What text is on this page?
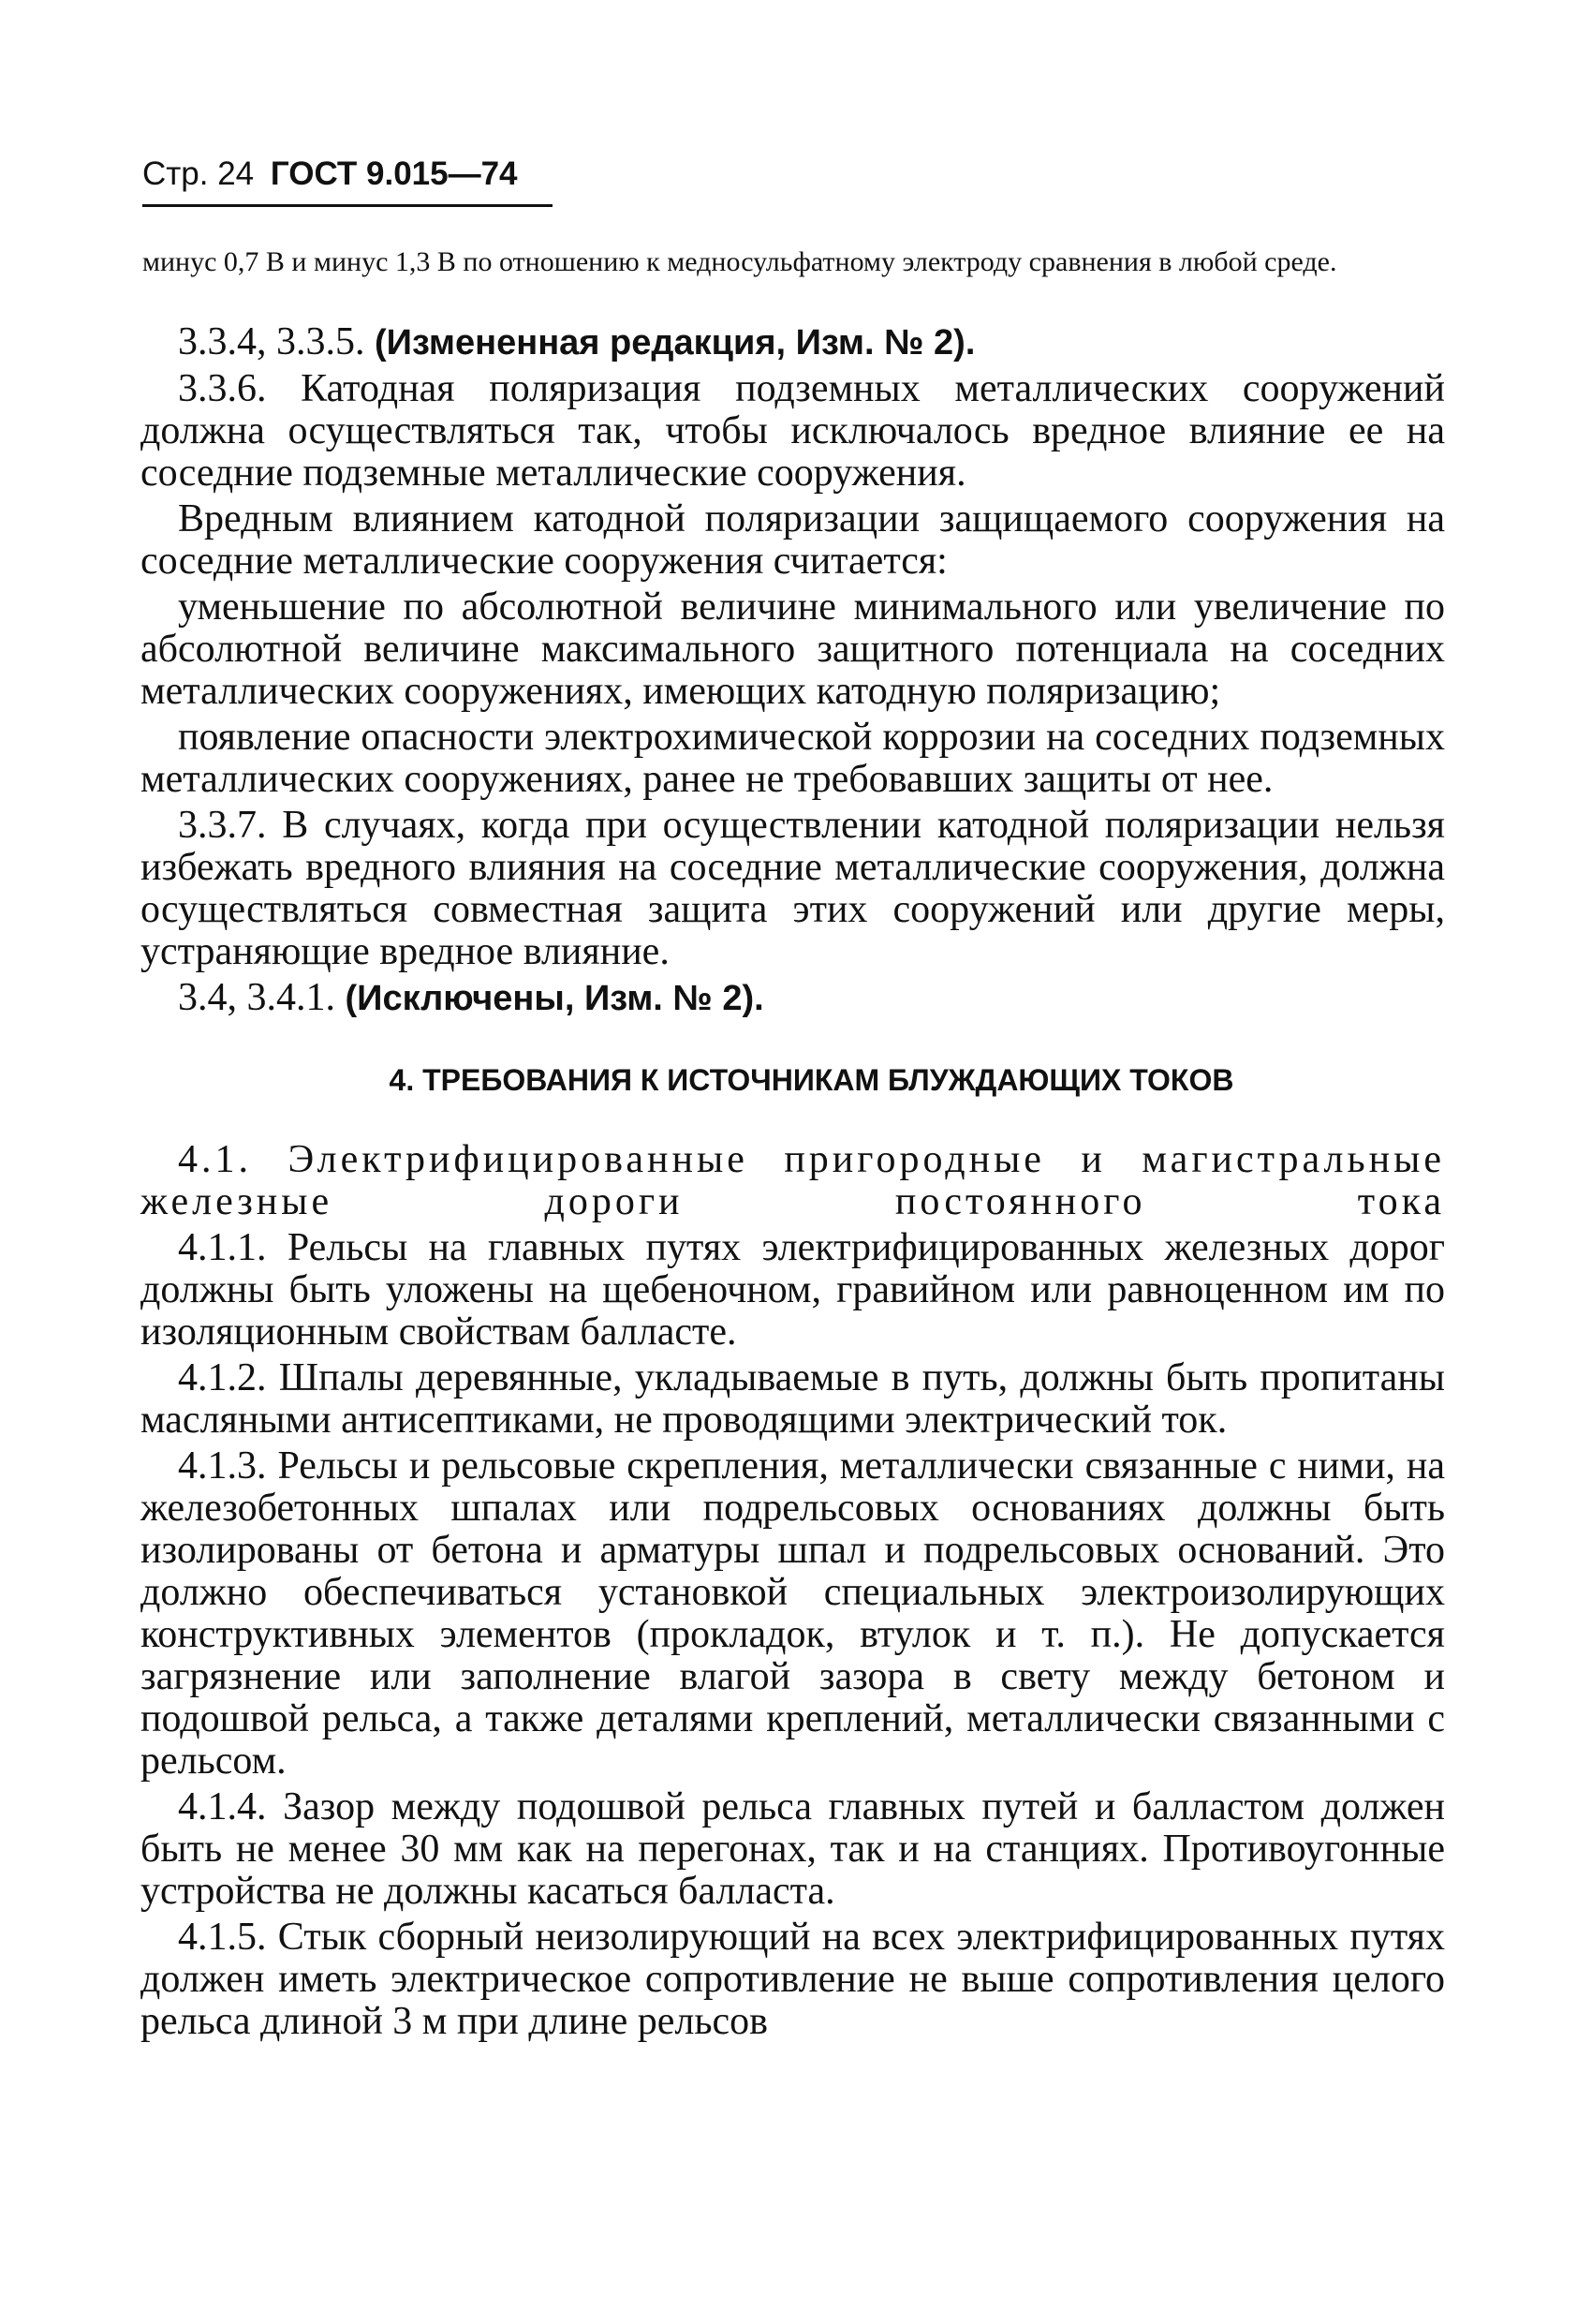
Стр. 24 ГОСТ 9.015—74
минус 0,7 В и минус 1,3 В по отношению к медносульфатному электроду сравнения в любой среде.
3.3.4, 3.3.5. (Измененная редакция, Изм. № 2).
3.3.6. Катодная поляризация подземных металлических сооружений должна осуществляться так, чтобы исключалось вредное влияние ее на соседние подземные металлические сооружения.
Вредным влиянием катодной поляризации защищаемого сооружения на соседние металлические сооружения считается:
уменьшение по абсолютной величине минимального или увеличение по абсолютной величине максимального защитного потенциала на соседних металлических сооружениях, имеющих катодную поляризацию;
появление опасности электрохимической коррозии на соседних подземных металлических сооружениях, ранее не требовавших защиты от нее.
3.3.7. В случаях, когда при осуществлении катодной поляризации нельзя избежать вредного влияния на соседние металлические сооружения, должна осуществляться совместная защита этих сооружений или другие меры, устраняющие вредное влияние.
3.4, 3.4.1. (Исключены, Изм. № 2).
4. ТРЕБОВАНИЯ К ИСТОЧНИКАМ БЛУЖДАЮЩИХ ТОКОВ
4.1. Электрифицированные пригородные и магистральные железные дороги постоянного тока
4.1.1. Рельсы на главных путях электрифицированных железных дорог должны быть уложены на щебеночном, гравийном или равноценном им по изоляционным свойствам балласте.
4.1.2. Шпалы деревянные, укладываемые в путь, должны быть пропитаны масляными антисептиками, не проводящими электрический ток.
4.1.3. Рельсы и рельсовые скрепления, металлически связанные с ними, на железобетонных шпалах или подрельсовых основаниях должны быть изолированы от бетона и арматуры шпал и подрельсовых оснований. Это должно обеспечиваться установкой специальных электроизолирующих конструктивных элементов (прокладок, втулок и т. п.). Не допускается загрязнение или заполнение влагой зазора в свету между бетоном и подошвой рельса, а также деталями креплений, металлически связанными с рельсом.
4.1.4. Зазор между подошвой рельса главных путей и балластом должен быть не менее 30 мм как на перегонах, так и на станциях. Противоугонные устройства не должны касаться балласта.
4.1.5. Стык сборный неизолирующий на всех электрифицированных путях должен иметь электрическое сопротивление не выше сопротивления целого рельса длиной 3 м при длине рельсов
